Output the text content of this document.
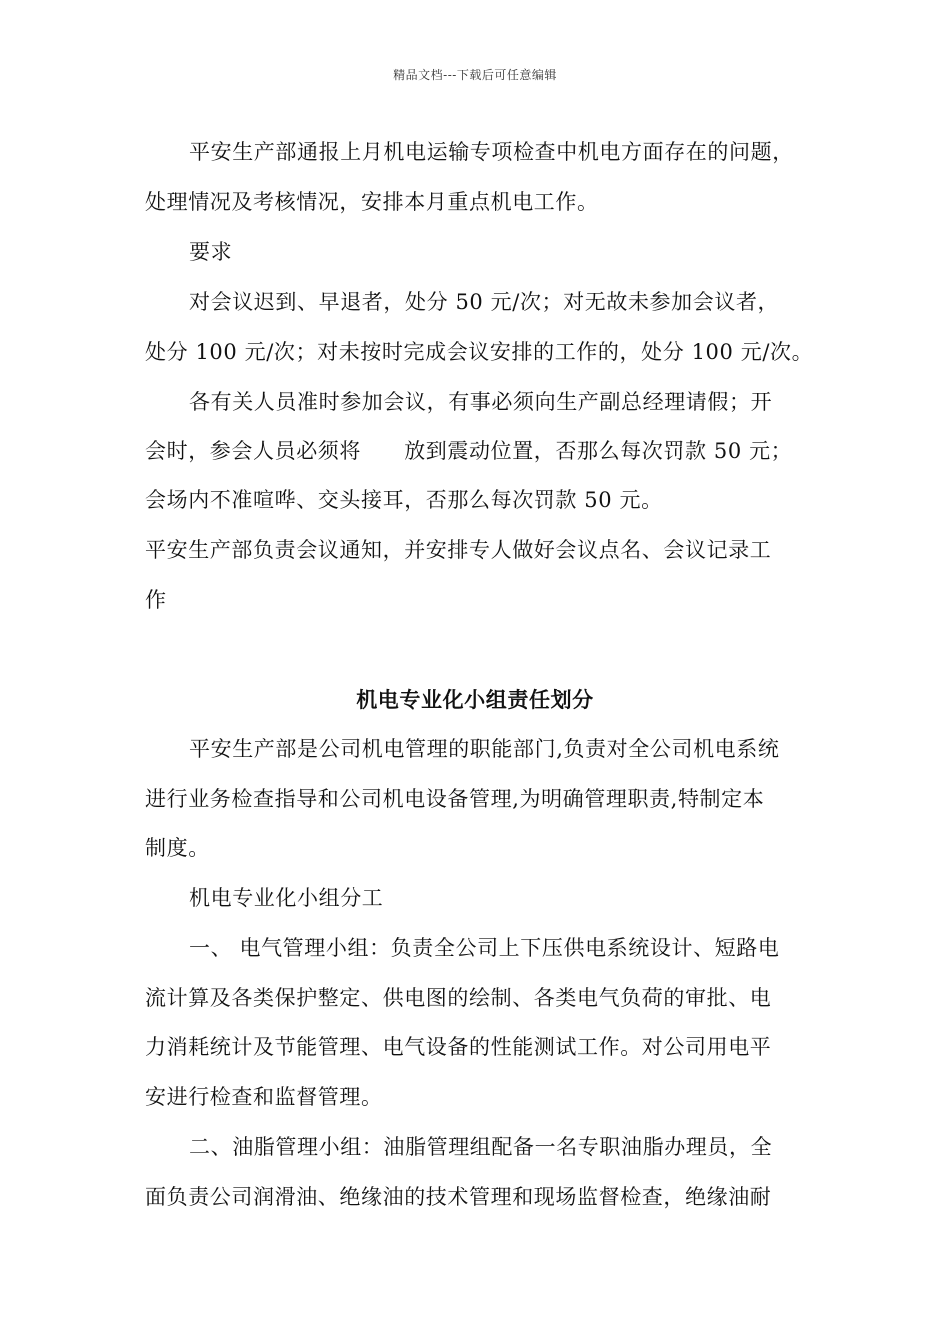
精品文档---下载后可任意编辑
平安生产部通报上月机电运输专项检查中机电方面存在的问题，
处理情况及考核情况，安排本月重点机电工作。
要求
对会议迟到、早退者，处分 50 元/次；对无故未参加会议者，
处分 100 元/次；对未按时完成会议安排的工作的，处分 100 元/次。
各有关人员准时参加会议，有事必须向生产副总经理请假；开
会时，参会人员必须将　　放到震动位置，否那么每次罚款 50 元；
会场内不准喧哗、交头接耳，否那么每次罚款 50 元。
平安生产部负责会议通知，并安排专人做好会议点名、会议记录工
作
机电专业化小组责任划分
平安生产部是公司机电管理的职能部门,负责对全公司机电系统
进行业务检查指导和公司机电设备管理,为明确管理职责,特制定本
制度。
机电专业化小组分工
一、 电气管理小组：负责全公司上下压供电系统设计、短路电
流计算及各类保护整定、供电图的绘制、各类电气负荷的审批、电
力消耗统计及节能管理、电气设备的性能测试工作。对公司用电平
安进行检查和监督管理。
二、油脂管理小组：油脂管理组配备一名专职油脂办理员，全
面负责公司润滑油、绝缘油的技术管理和现场监督检查，绝缘油耐
